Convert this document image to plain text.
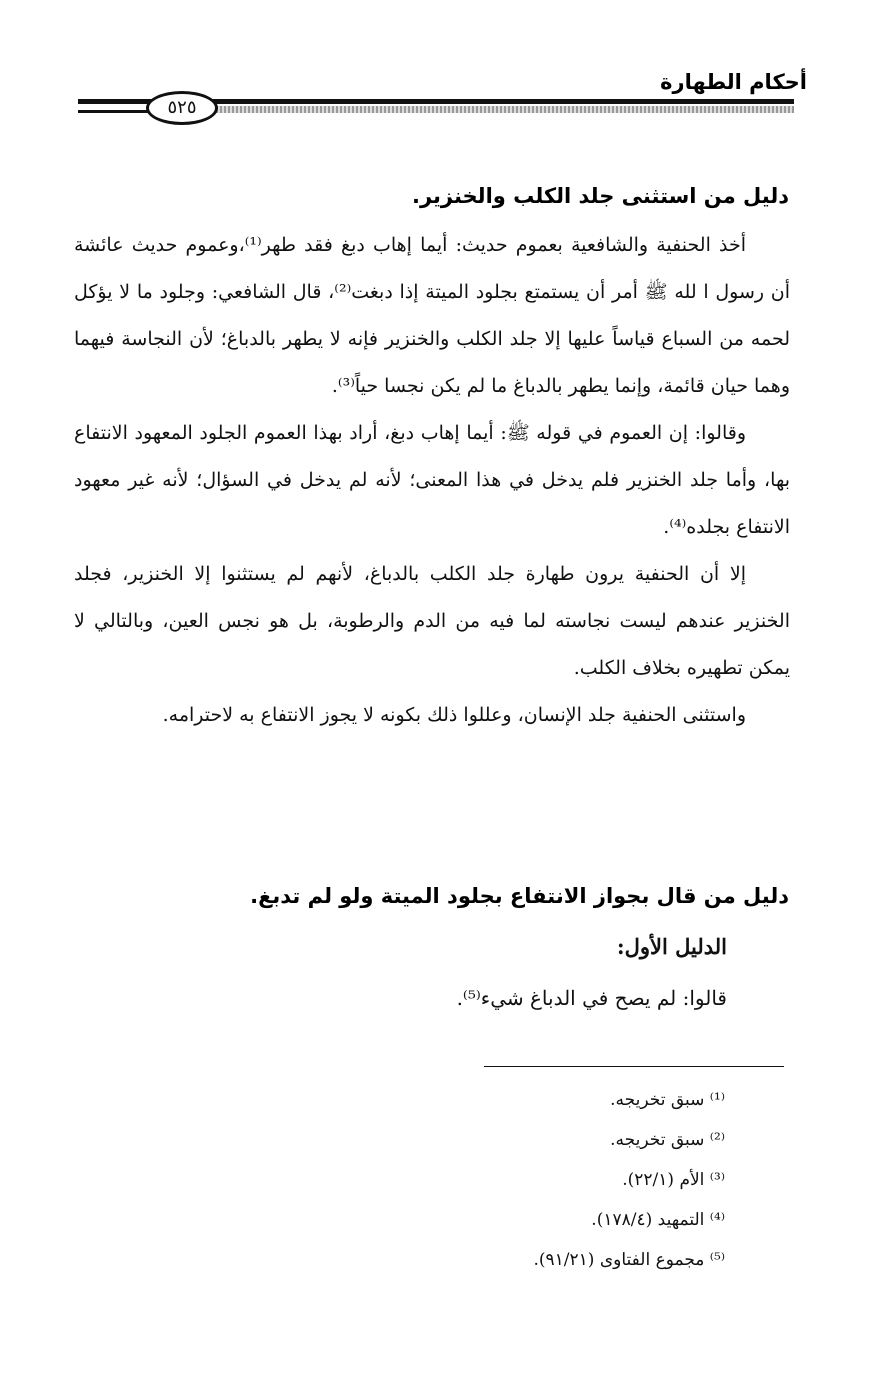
أحكام الطهارة
٥٢٥
دليل من استثنى جلد الكلب والخنزير.

أخذ الحنفية والشافعية بعموم حديث: أيما إهاب دبغ فقد طهر⁽¹⁾،وعموم حديث عائشة أن رسول ا لله ﷺ أمر أن يستمتع بجلود الميتة إذا دبغت⁽²⁾، قال الشافعي: وجلود ما لا يؤكل لحمه من السباع قياساً عليها إلا جلد الكلب والخنزير فإنه لا يطهر بالدباغ؛ لأن النجاسة فيهما وهما حيان قائمة، وإنما يطهر بالدباغ ما لم يكن نجسا حياً⁽³⁾.

وقالوا: إن العموم في قوله ﷺ: أيما إهاب دبغ، أراد بهذا العموم الجلود المعهود الانتفاع بها، وأما جلد الخنزير فلم يدخل في هذا المعنى؛ لأنه لم يدخل في السؤال؛ لأنه غير معهود الانتفاع بجلده⁽⁴⁾.

إلا أن الحنفية يرون طهارة جلد الكلب بالدباغ، لأنهم لم يستثنوا إلا الخنزير، فجلد الخنزير عندهم ليست نجاسته لما فيه من الدم والرطوبة، بل هو نجس العين، وبالتالي لا يمكن تطهيره بخلاف الكلب.

واستثنى الحنفية جلد الإنسان، وعللوا ذلك بكونه لا يجوز الانتفاع به لاحترامه.

دليل من قال بجواز الانتفاع بجلود الميتة ولو لم تدبغ.
الدليل الأول:
قالوا: لم يصح في الدباغ شيء⁽⁵⁾.
⁽¹⁾ سبق تخريجه.
⁽²⁾ سبق تخريجه.
⁽³⁾ الأم (٢٢/١).
⁽⁴⁾ التمهيد (١٧٨/٤).
⁽⁵⁾ مجموع الفتاوى (٩١/٢١).
